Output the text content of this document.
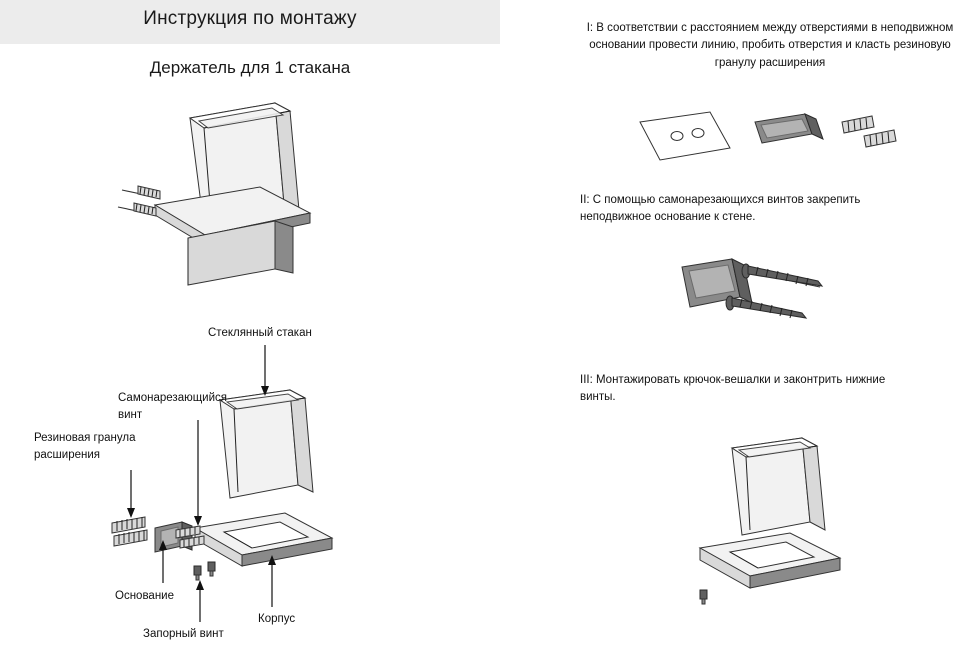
Инструкция по монтажу
Держатель для 1 стакана
Стеклянный стакан
Самонарезающийся винт
Резиновая гранула расширения
Основание
Запорный винт
Корпус
I: В соответствии с расстоянием между отверстиями в неподвижном основании провести линию, пробить отверстия и класть резиновую гранулу расширения
II: С помощью самонарезающихся винтов закрепить неподвижное основание к стене.
III: Монтажировать крючок-вешалки и законтрить нижние винты.
